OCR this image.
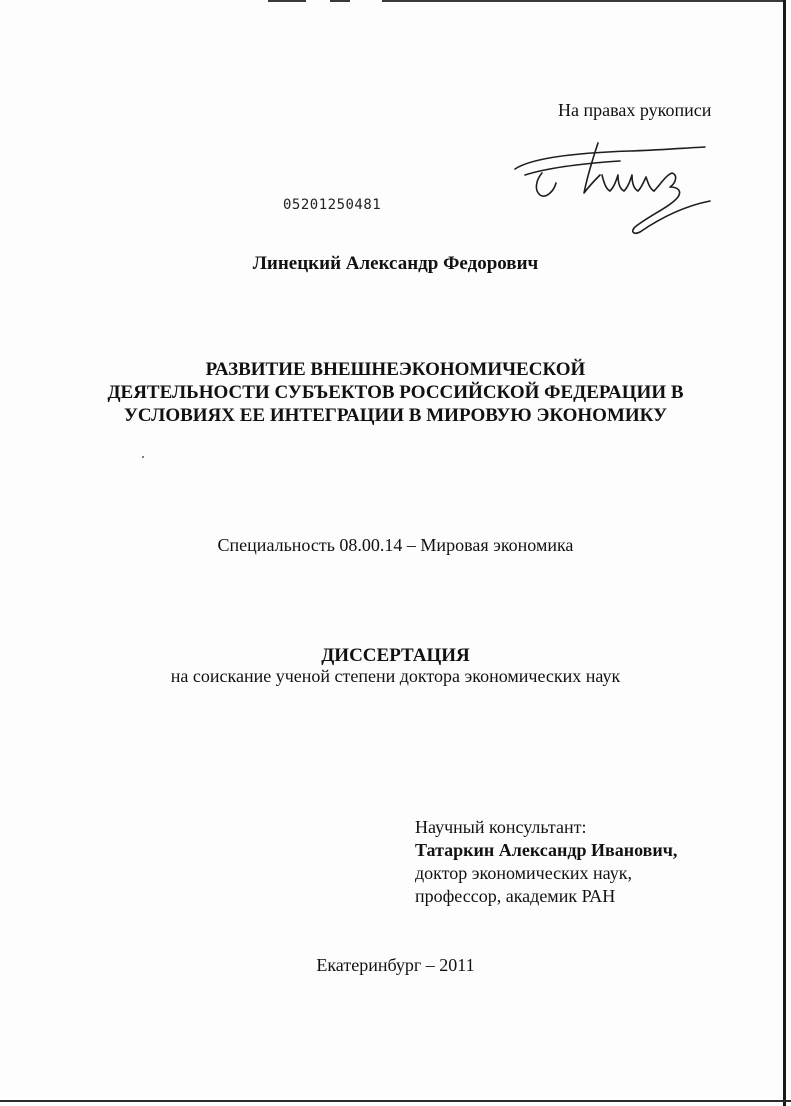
На правах рукописи
05201250481
Линецкий Александр Федорович
РАЗВИТИЕ ВНЕШНЕЭКОНОМИЧЕСКОЙ
ДЕЯТЕЛЬНОСТИ СУБЪЕКТОВ РОССИЙСКОЙ ФЕДЕРАЦИИ В
УСЛОВИЯХ ЕЕ ИНТЕГРАЦИИ В МИРОВУЮ ЭКОНОМИКУ
Специальность 08.00.14 – Мировая экономика
ДИССЕРТАЦИЯ
на соискание ученой степени доктора экономических наук
Научный консультант:
Татаркин Александр Иванович,
доктор экономических наук,
профессор, академик РАН
Екатеринбург – 2011
